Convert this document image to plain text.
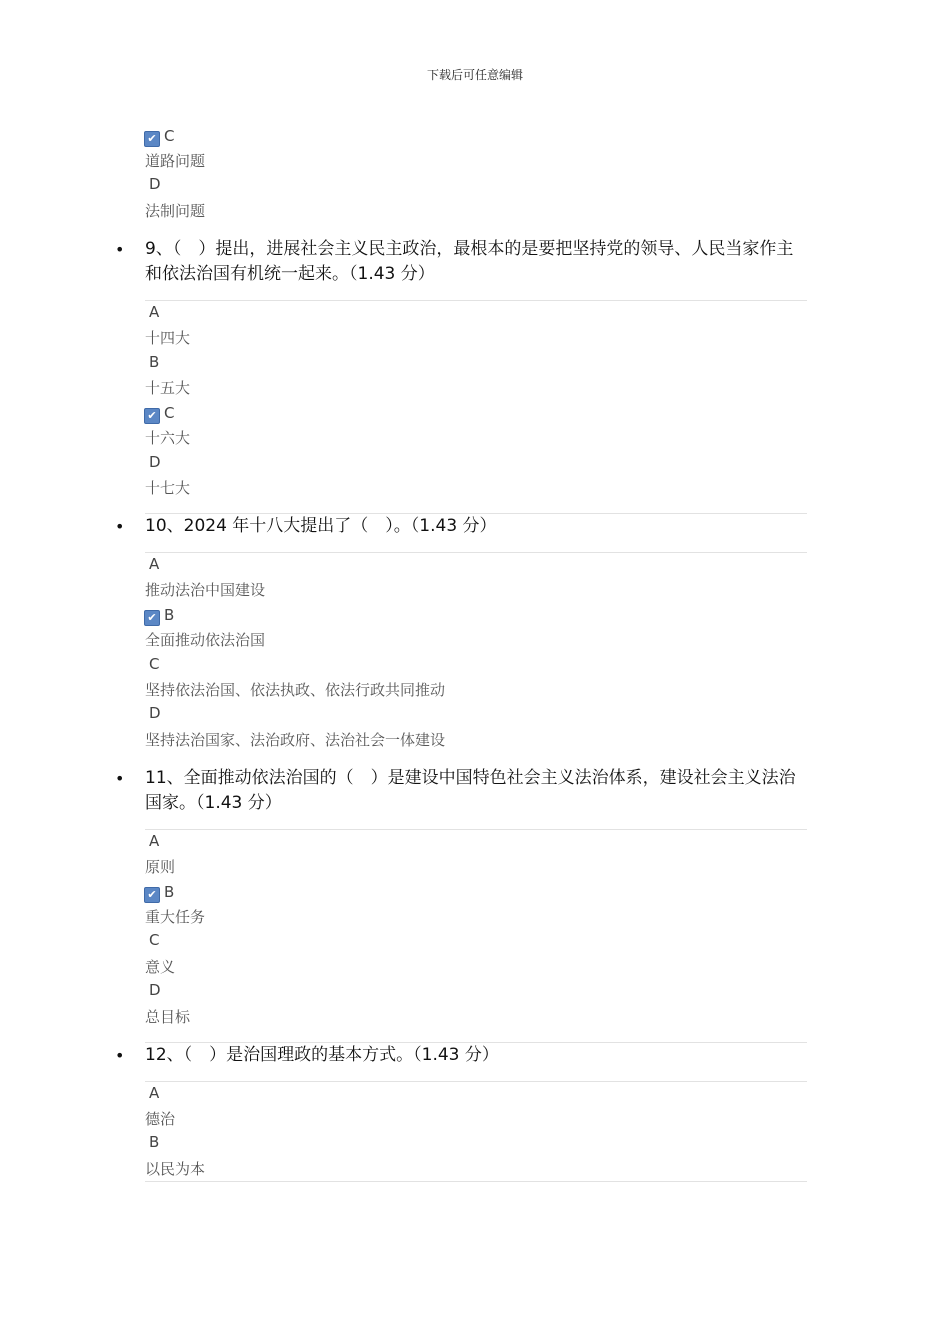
下载后可任意编辑
✔ C
道路问题
D
法制问题
• 9、（　）提出，进展社会主义民主政治，最根本的是要把坚持党的领导、人民当家作主和依法治国有机统一起来。（1.43 分）
A
十四大
B
十五大
✔ C
十六大
D
十七大
• 10、2024 年十八大提出了（　）。（1.43 分）
A
推动法治中国建设
✔ B
全面推动依法治国
C
坚持依法治国、依法执政、依法行政共同推动
D
坚持法治国家、法治政府、法治社会一体建设
• 11、全面推动依法治国的（　）是建设中国特色社会主义法治体系，建设社会主义法治国家。（1.43 分）
A
原则
✔ B
重大任务
C
意义
D
总目标
• 12、（　）是治国理政的基本方式。（1.43 分）
A
德治
B
以民为本
